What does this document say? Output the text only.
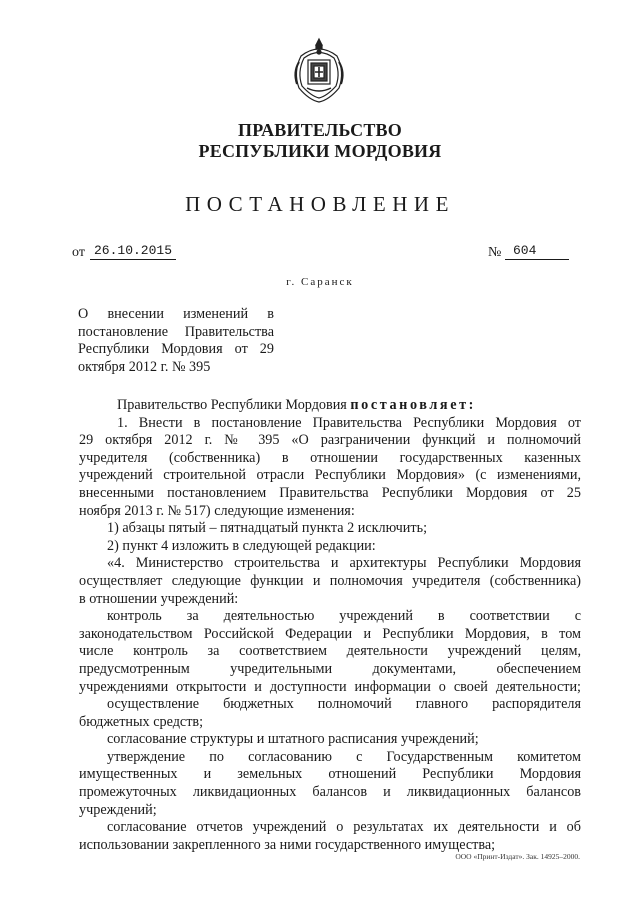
ПРАВИТЕЛЬСТВО
РЕСПУБЛИКИ МОРДОВИЯ
ПОСТАНОВЛЕНИЕ
от 26.10.2015	№ 604
г. Саранск
О внесении изменений в
постановление Правительства
Республики Мордовия от 29
октября 2012 г. № 395
Правительство Республики Мордовия постановляет:
1. Внести в постановление Правительства Республики Мордовия от
29 октября 2012 г. № 395 «О разграничении функций и полномочий
учредителя (собственника) в отношении государственных казенных
учреждений строительной отрасли Республики Мордовия» (с изменениями,
внесенными постановлением Правительства Республики Мордовия от 25
ноября 2013 г. № 517) следующие изменения:
1) абзацы пятый – пятнадцатый пункта 2 исключить;
2) пункт 4 изложить в следующей редакции:
«4. Министерство строительства и архитектуры Республики Мордовия
осуществляет следующие функции и полномочия учредителя (собственника)
в отношении учреждений:
контроль за деятельностью учреждений в соответствии с
законодательством Российской Федерации и Республики Мордовия, в том
числе контроль за соответствием деятельности учреждений целям,
предусмотренным учредительными документами, обеспечением
учреждениями открытости и доступности информации о своей деятельности;
осуществление бюджетных полномочий главного распорядителя
бюджетных средств;
согласование структуры и штатного расписания учреждений;
утверждение по согласованию с Государственным комитетом
имущественных и земельных отношений Республики Мордовия
промежуточных ликвидационных балансов и ликвидационных балансов
учреждений;
согласование отчетов учреждений о результатах их деятельности и об
использовании закрепленного за ними государственного имущества;
ООО «Принт-Издат». Зак. 14925–2000.
